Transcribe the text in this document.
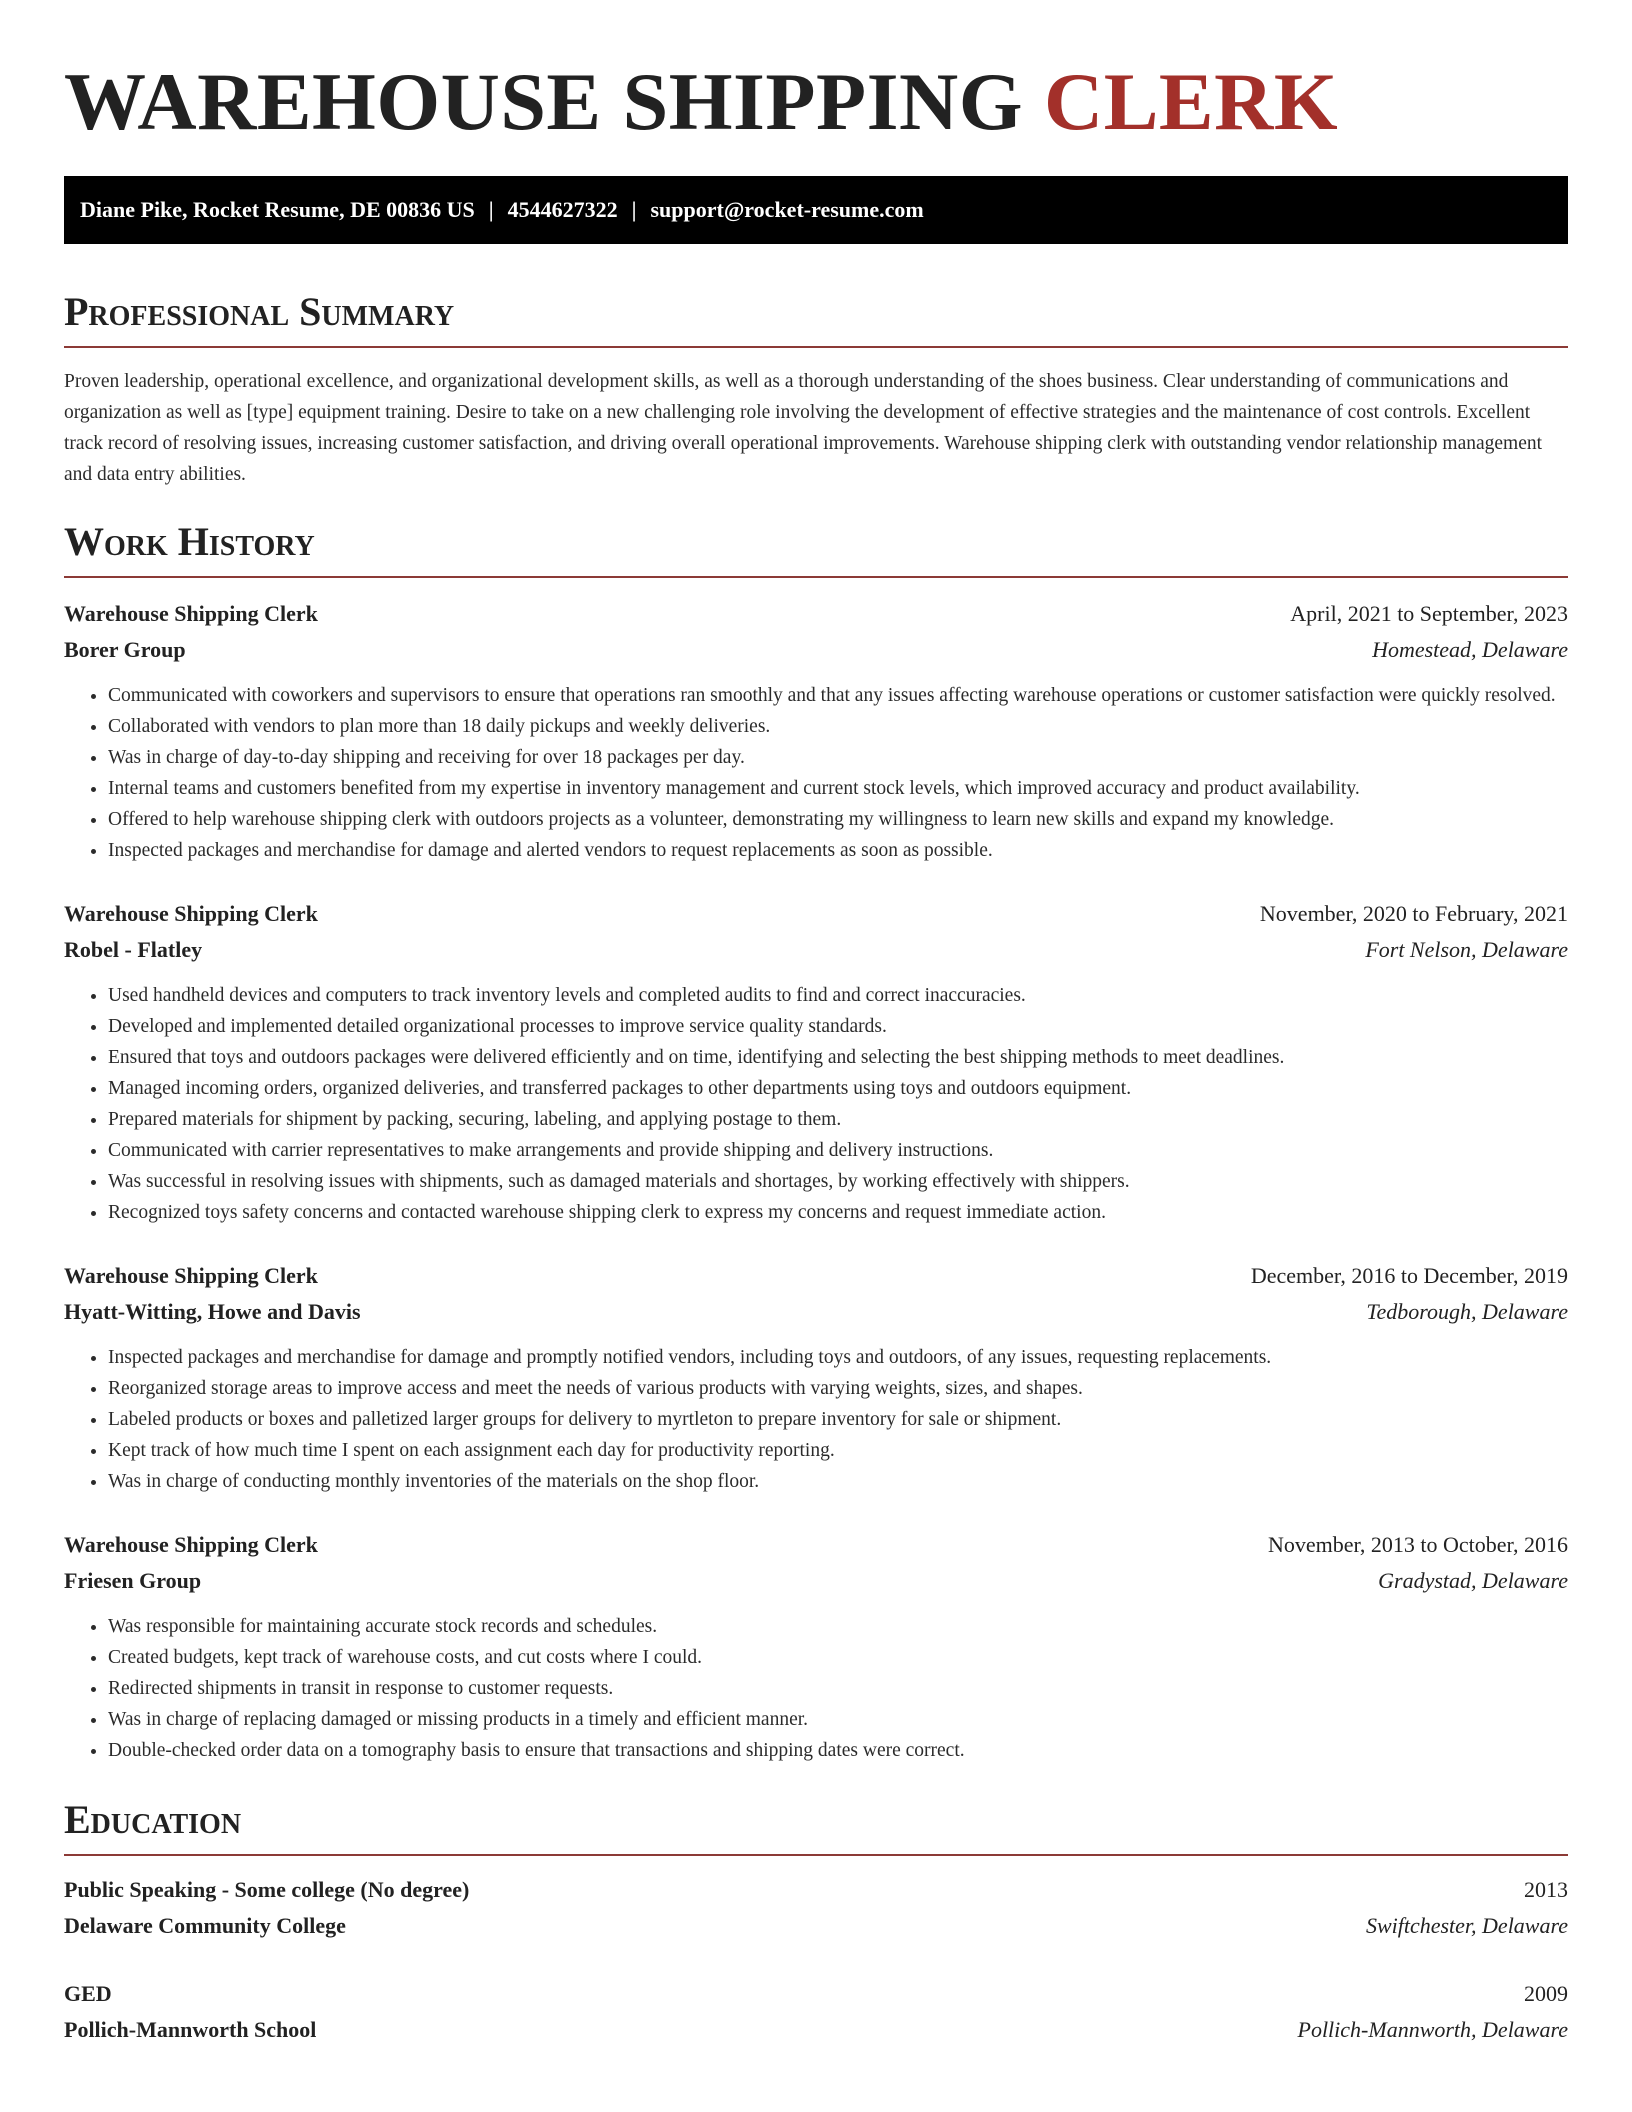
WAREHOUSE SHIPPING CLERK
Diane Pike, Rocket Resume, DE 00836 US | 4544627322 | support@rocket-resume.com
Professional Summary

Proven leadership, operational excellence, and organizational development skills, as well as a thorough understanding of the shoes business. Clear understanding of communications and organization as well as [type] equipment training. Desire to take on a new challenging role involving the development of effective strategies and the maintenance of cost controls. Excellent track record of resolving issues, increasing customer satisfaction, and driving overall operational improvements. Warehouse shipping clerk with outstanding vendor relationship management and data entry abilities.

Work History
Warehouse Shipping Clerk	April, 2021 to September, 2023
Borer Group	Homestead, Delaware
• Communicated with coworkers and supervisors to ensure that operations ran smoothly and that any issues affecting warehouse operations or customer satisfaction were quickly resolved.
• Collaborated with vendors to plan more than 18 daily pickups and weekly deliveries.
• Was in charge of day-to-day shipping and receiving for over 18 packages per day.
• Internal teams and customers benefited from my expertise in inventory management and current stock levels, which improved accuracy and product availability.
• Offered to help warehouse shipping clerk with outdoors projects as a volunteer, demonstrating my willingness to learn new skills and expand my knowledge.
• Inspected packages and merchandise for damage and alerted vendors to request replacements as soon as possible.
Warehouse Shipping Clerk	November, 2020 to February, 2021
Robel - Flatley	Fort Nelson, Delaware
• Used handheld devices and computers to track inventory levels and completed audits to find and correct inaccuracies.
• Developed and implemented detailed organizational processes to improve service quality standards.
• Ensured that toys and outdoors packages were delivered efficiently and on time, identifying and selecting the best shipping methods to meet deadlines.
• Managed incoming orders, organized deliveries, and transferred packages to other departments using toys and outdoors equipment.
• Prepared materials for shipment by packing, securing, labeling, and applying postage to them.
• Communicated with carrier representatives to make arrangements and provide shipping and delivery instructions.
• Was successful in resolving issues with shipments, such as damaged materials and shortages, by working effectively with shippers.
• Recognized toys safety concerns and contacted warehouse shipping clerk to express my concerns and request immediate action.
Warehouse Shipping Clerk	December, 2016 to December, 2019
Hyatt-Witting, Howe and Davis	Tedborough, Delaware
• Inspected packages and merchandise for damage and promptly notified vendors, including toys and outdoors, of any issues, requesting replacements.
• Reorganized storage areas to improve access and meet the needs of various products with varying weights, sizes, and shapes.
• Labeled products or boxes and palletized larger groups for delivery to myrtleton to prepare inventory for sale or shipment.
• Kept track of how much time I spent on each assignment each day for productivity reporting.
• Was in charge of conducting monthly inventories of the materials on the shop floor.
Warehouse Shipping Clerk	November, 2013 to October, 2016
Friesen Group	Gradystad, Delaware
• Was responsible for maintaining accurate stock records and schedules.
• Created budgets, kept track of warehouse costs, and cut costs where I could.
• Redirected shipments in transit in response to customer requests.
• Was in charge of replacing damaged or missing products in a timely and efficient manner.
• Double-checked order data on a tomography basis to ensure that transactions and shipping dates were correct.
Education
Public Speaking - Some college (No degree)	2013
Delaware Community College	Swiftchester, Delaware
GED	2009
Pollich-Mannworth School	Pollich-Mannworth, Delaware
